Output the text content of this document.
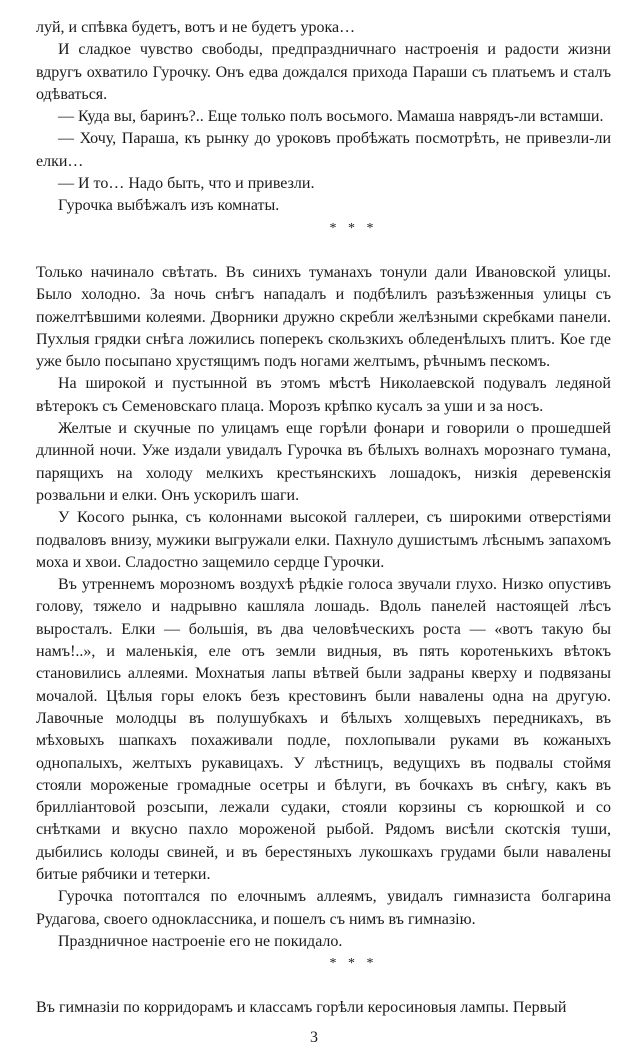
луй, и спѣвка будетъ, вотъ и не будетъ урока…

И сладкое чувство свободы, предпраздничнаго настроенія и радости жизни вдругъ охватило Гурочку. Онъ едва дождался прихода Параши съ платьемъ и сталъ одѣваться.

— Куда вы, баринъ?.. Еще только полъ восьмого. Мамаша наврядъ-ли встамши.

— Хочу, Параша, къ рынку до уроковъ пробѣжать посмотрѣть, не привезли-ли елки…

— И то… Надо быть, что и привезли.

Гурочка выбѣжалъ изъ комнаты.

* * *

Только начинало свѣтать. Въ синихъ туманахъ тонули дали Ивановской улицы. Было холодно. За ночь снѣгъ нападалъ и подбѣлилъ разъѣзженныя улицы съ пожелтѣвшими колеями. Дворники дружно скребли желѣзными скребками панели. Пухлыя грядки снѣга ложились поперекъ скользкихъ обледенѣлыхъ плитъ. Кое где уже было посыпано хрустящимъ подъ ногами желтымъ, рѣчнымъ пескомъ.

На широкой и пустынной въ этомъ мѣстѣ Николаевской подувалъ ледяной вѣтерокъ съ Семеновскаго плаца. Морозъ крѣпко кусалъ за уши и за носъ.

Желтые и скучные по улицамъ еще горѣли фонари и говорили о прошедшей длинной ночи. Уже издали увидалъ Гурочка въ бѣлыхъ волнахъ морознаго тумана, парящихъ на холоду мелкихъ крестьянскихъ лошадокъ, низкія деревенскія розвальни и елки. Онъ ускорилъ шаги.

У Косого рынка, съ колоннами высокой галлереи, съ широкими отверстіями подваловъ внизу, мужики выгружали елки. Пахнуло душистымъ лѣснымъ запахомъ моха и хвои. Сладостно защемило сердце Гурочки.

Въ утреннемъ морозномъ воздухѣ рѣдкіе голоса звучали глухо. Низко опустивъ голову, тяжело и надрывно кашляла лошадь. Вдоль панелей настоящей лѣсъ выросталъ. Елки — большія, въ два человѣческихъ роста — «вотъ такую бы намъ!..», и маленькія, еле отъ земли видныя, въ пять коротенькихъ вѣтокъ становились аллеями. Мохнатыя лапы вѣтвей были задраны кверху и подвязаны мочалой. Цѣлыя горы елокъ безъ крестовинъ были навалены одна на другую. Лавочные молодцы въ полушубкахъ и бѣлыхъ холщевыхъ передникахъ, въ мѣховыхъ шапкахъ похаживали подле, похлопывали руками въ кожаныхъ однопалыхъ, желтыхъ рукавицахъ. У лѣстницъ, ведущихъ въ подвалы стоймя стояли мороженые громадные осетры и бѣлуги, въ бочкахъ въ снѣгу, какъ въ бриллiантовой розсыпи, лежали судаки, стояли корзины съ корюшкой и со снѣтками и вкусно пахло мороженой рыбой. Рядомъ висѣли скотскія туши, дыбились колоды свиней, и въ берестяныхъ лукошкахъ грудами были навалены битые рябчики и тетерки.

Гурочка потоптался по елочнымъ аллеямъ, увидалъ гимназиста болгарина Рудагова, своего одноклассника, и пошелъ съ нимъ въ гимназію.

Праздничное настроеніе его не покидало.

* * *

Въ гимназіи по корридорамъ и классамъ горѣли керосиновыя лампы. Первый

3
